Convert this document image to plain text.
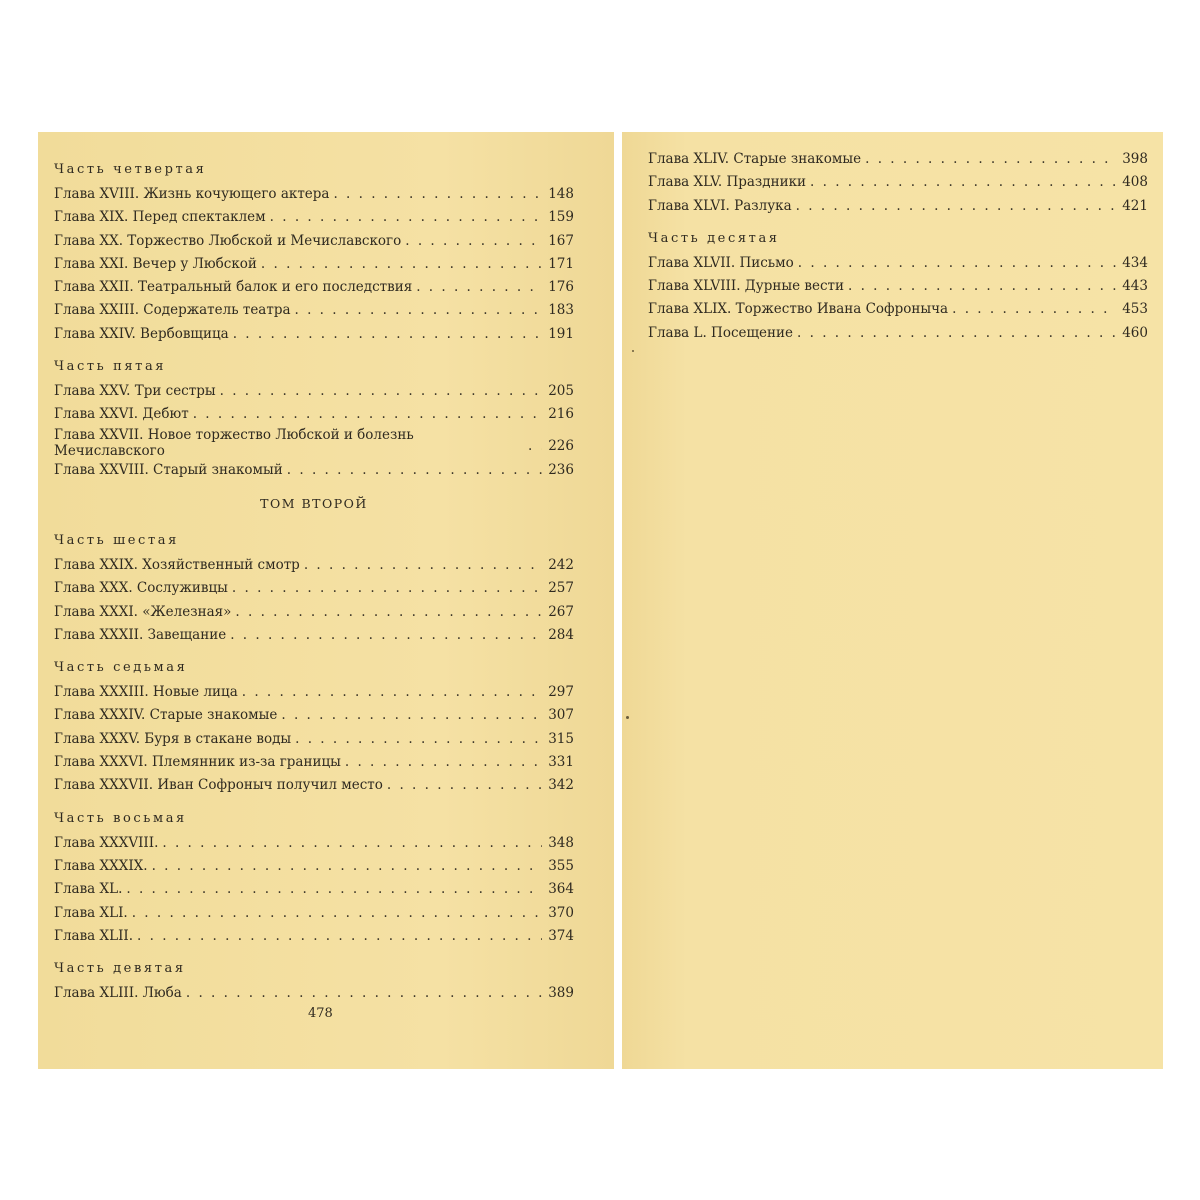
Часть четвертая
Глава XVIII. Жизнь кочующего актера . . .	148
Глава XIX. Перед спектаклем . . .	159
Глава XX. Торжество Любской и Мечиславского . . .	167
Глава XXI. Вечер у Любской . . .	171
Глава XXII. Театральный балок и его последствия . . .	176
Глава XXIII. Содержатель театра . . .	183
Глава XXIV. Вербовщица . . .	191
Часть пятая
Глава XXV. Три сестры . . .	205
Глава XXVI. Дебют . . .	216
Глава XXVII. Новое торжество Любской и болезнь Мечиславского . . .	226
Глава XXVIII. Старый знакомый . . .	236
ТОМ ВТОРОЙ
Часть шестая
Глава XXIX. Хозяйственный смотр . . .	242
Глава XXX. Сослуживцы . . .	257
Глава XXXI. «Железная» . . .	267
Глава XXXII. Завещание . . .	284
Часть седьмая
Глава XXXIII. Новые лица . . .	297
Глава XXXIV. Старые знакомые . . .	307
Глава XXXV. Буря в стакане воды . . .	315
Глава XXXVI. Племянник из-за границы . . .	331
Глава XXXVII. Иван Софроныч получил место . . .	342
Часть восьмая
Глава XXXVIII. . . .	348
Глава XXXIX. . . .	355
Глава XL. . . .	364
Глава XLI. . . .	370
Глава XLII. . . .	374
Часть девятая
Глава XLIII. Люба . . .	389
478
Глава XLIV. Старые знакомые . . .	398
Глава XLV. Праздники . . .	408
Глава XLVI. Разлука . . .	421
Часть десятая
Глава XLVII. Письмо . . .	434
Глава XLVIII. Дурные вести . . .	443
Глава XLIX. Торжество Ивана Софроныча . . .	453
Глава L. Посещение . . .	460
